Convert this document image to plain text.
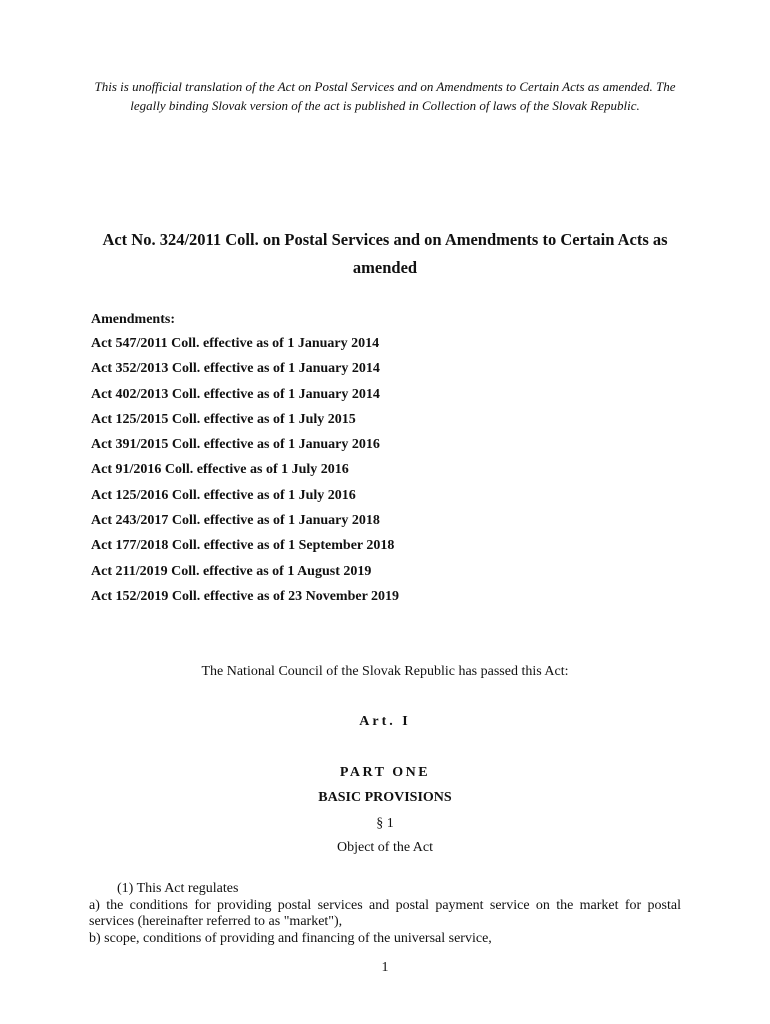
This is unofficial translation of the Act on Postal Services and on Amendments to Certain Acts as amended. The legally binding Slovak version of the act is published in Collection of laws of the Slovak Republic.
Act No. 324/2011 Coll. on Postal Services and on Amendments to Certain Acts as amended
Amendments:
Act 547/2011 Coll. effective as of 1 January 2014
Act 352/2013 Coll. effective as of 1 January 2014
Act 402/2013 Coll. effective as of 1 January 2014
Act 125/2015 Coll. effective as of 1 July 2015
Act 391/2015 Coll. effective as of 1 January 2016
Act 91/2016 Coll. effective as of 1 July 2016
Act 125/2016 Coll. effective as of 1 July 2016
Act 243/2017 Coll. effective as of 1 January 2018
Act 177/2018 Coll. effective as of 1 September 2018
Act 211/2019 Coll. effective as of 1 August 2019
Act 152/2019 Coll. effective as of 23 November 2019
The National Council of the Slovak Republic has passed this Act:
Art. I
PART ONE
BASIC PROVISIONS
§ 1
Object of the Act

(1) This Act regulates

a) the conditions for providing postal services and postal payment service on the market for postal services (hereinafter referred to as "market"),

b) scope, conditions of providing and financing of the universal service,

1
